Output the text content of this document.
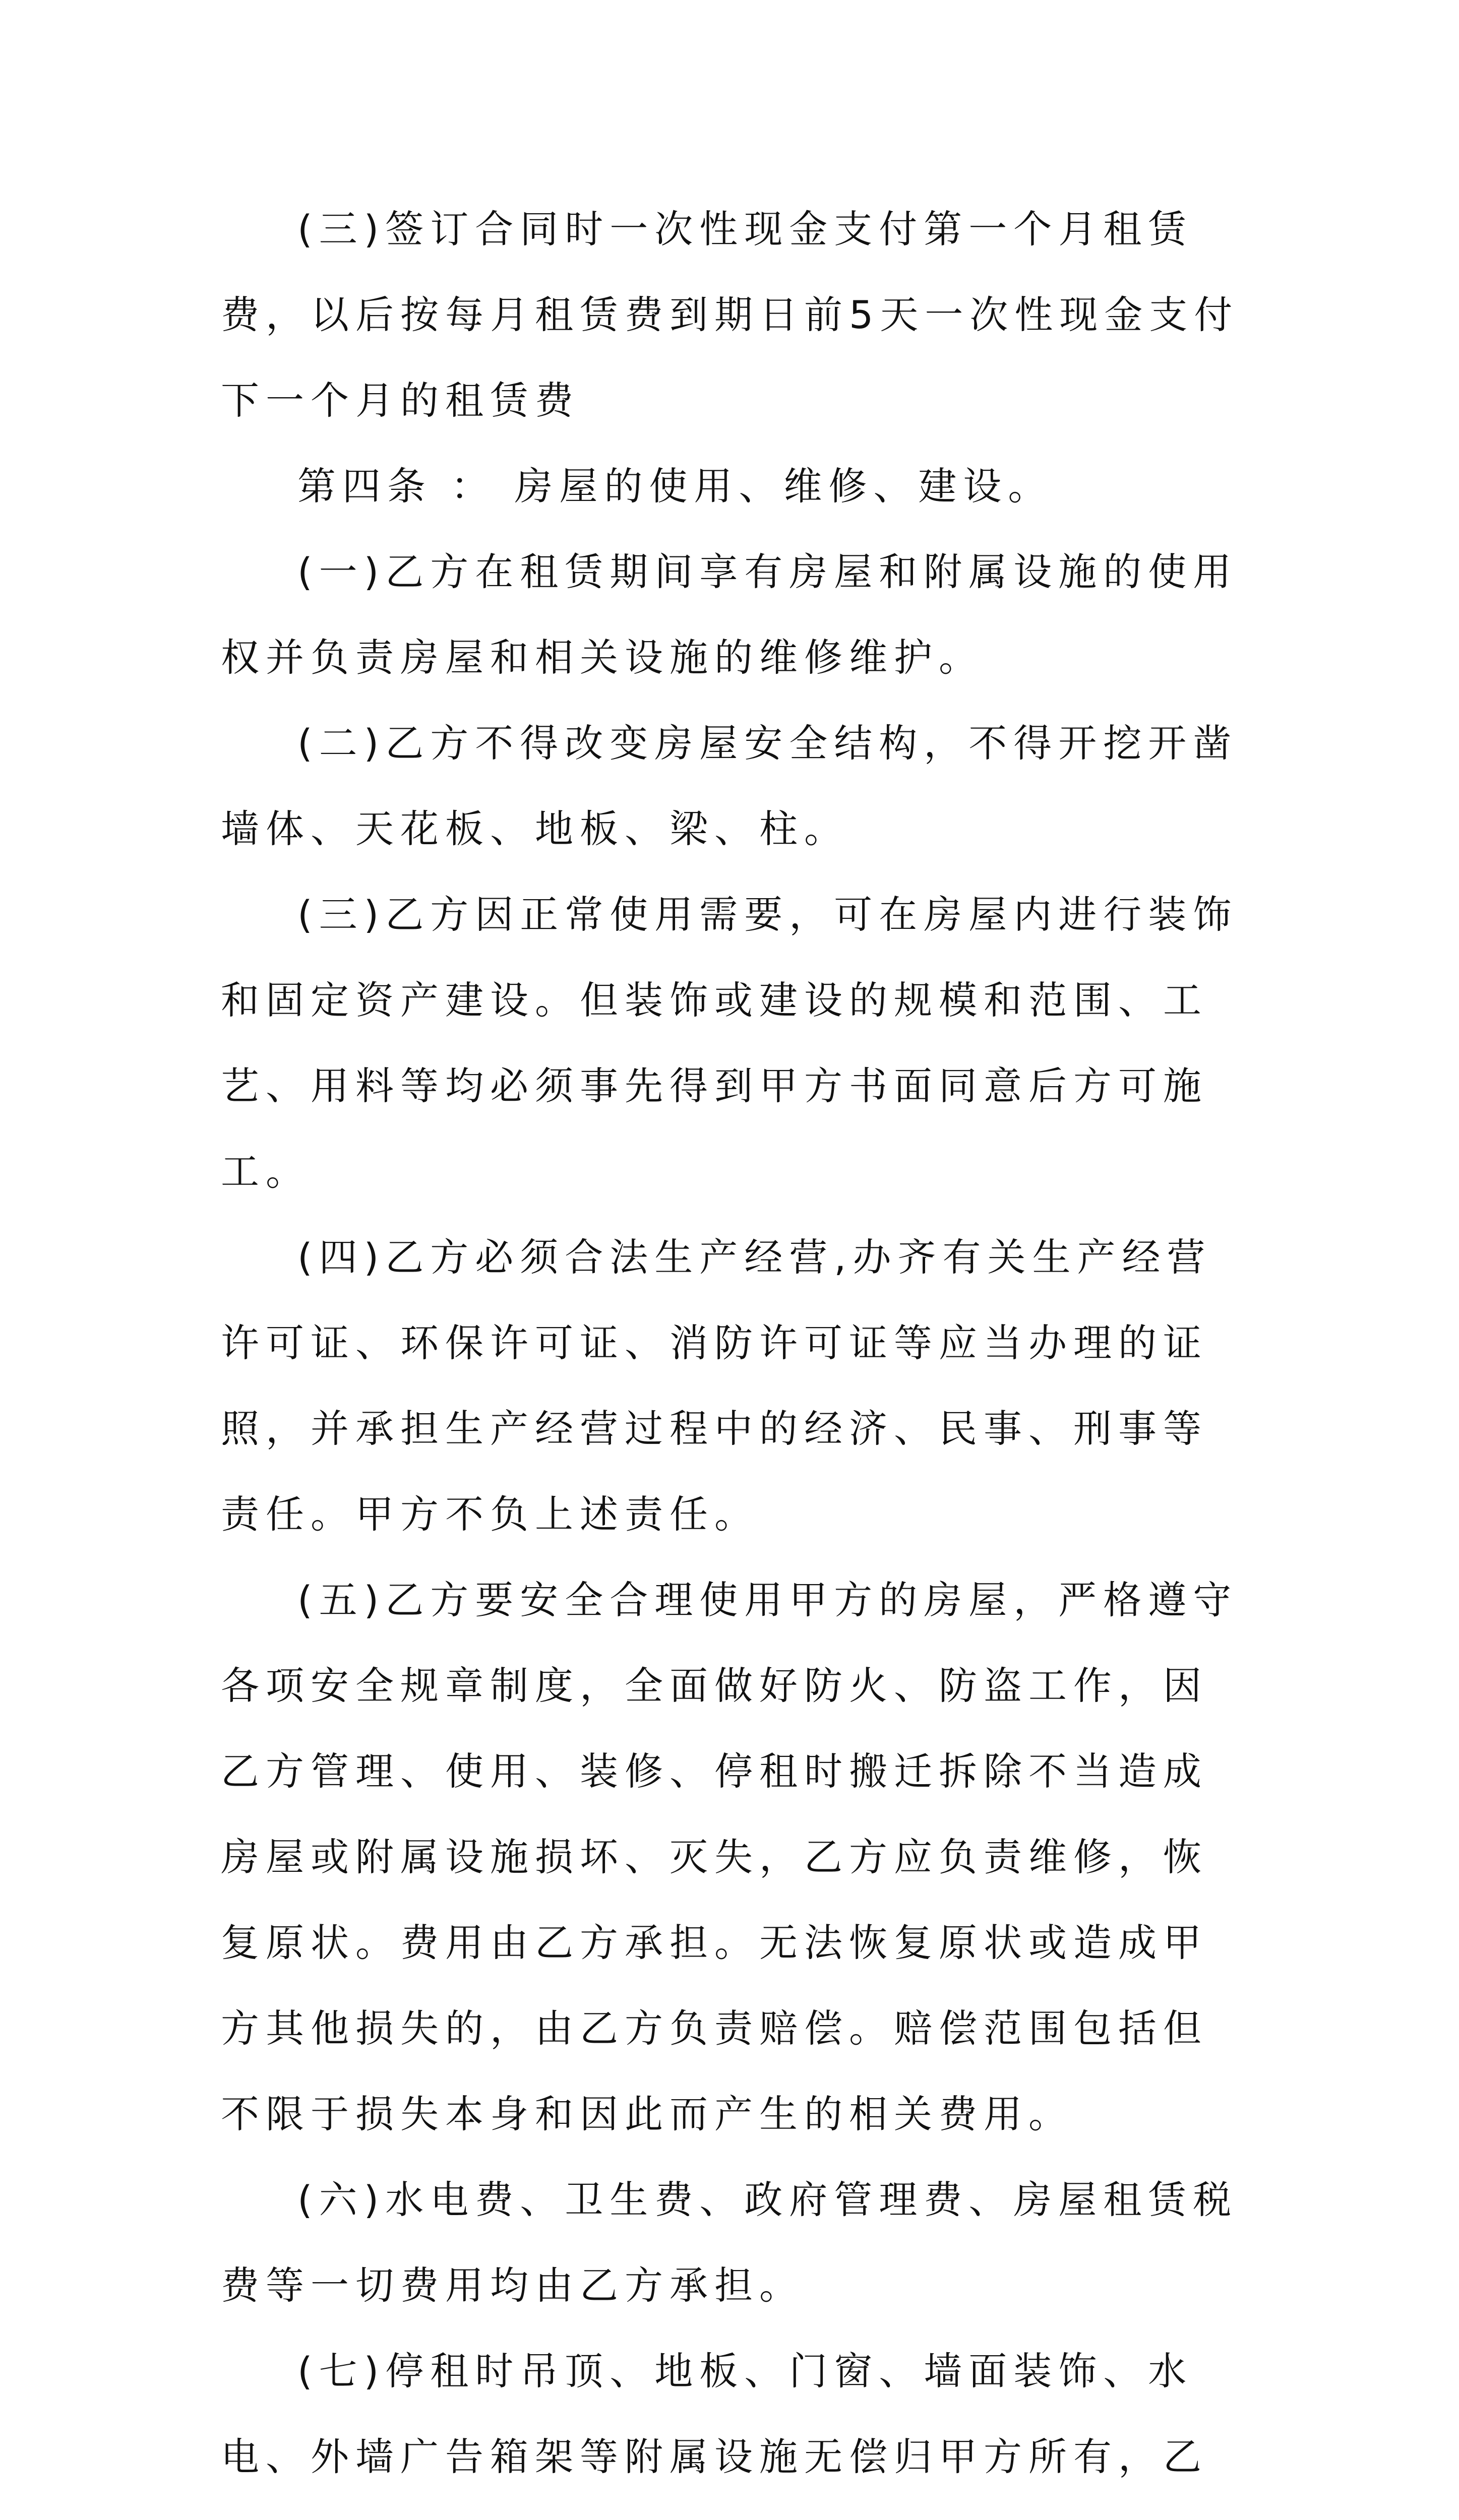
(三)签订合同时一次性现金支付第一个月租赁费，以后按每月租赁费到期日前5天一次性现金支付下一个月的租赁费

第四条 ： 房屋的使用、维修、建设。

(一)乙方在租赁期间享有房屋和附属设施的使用权并负责房屋和相关设施的维修维护。

(二)乙方不得改变房屋安全结构，不得开挖开凿墙体、天花板、地板、梁、柱。

(三)乙方因正常使用需要，可在房屋内进行装饰和固定资产建设。但装饰或建设的规模和范围、工艺、用料等均必须事先得到甲方书面同意后方可施工。

(四)乙方必须合法生产经营,办齐有关生产经营许可证、环保许可证、消防许可证等应当办理的证照，并承担生产经营过程中的经济、民事、刑事等责任。甲方不负上述责任。

(五)乙方要安全合理使用甲方的房屋，严格遵守各项安全规章制度，全面做好防火、防盗工作，因乙方管理、使用、装修、停租时搬迁拆除不当造成房屋或附属设施损坏、灭失，乙方应负责维修，恢复原状。费用由乙方承担。无法恢复原状或造成甲方其他损失的，由乙方负责赔偿。赔偿范围包括但不限于损失本身和因此而产生的相关费用。

(六)水电费、卫生费、政府管理费、房屋租赁税费等一切费用均由乙方承担。

(七)停租时吊顶、地板、门窗、墙面装饰、水电、外墙广告箱架等附属设施无偿归甲方所有，乙
